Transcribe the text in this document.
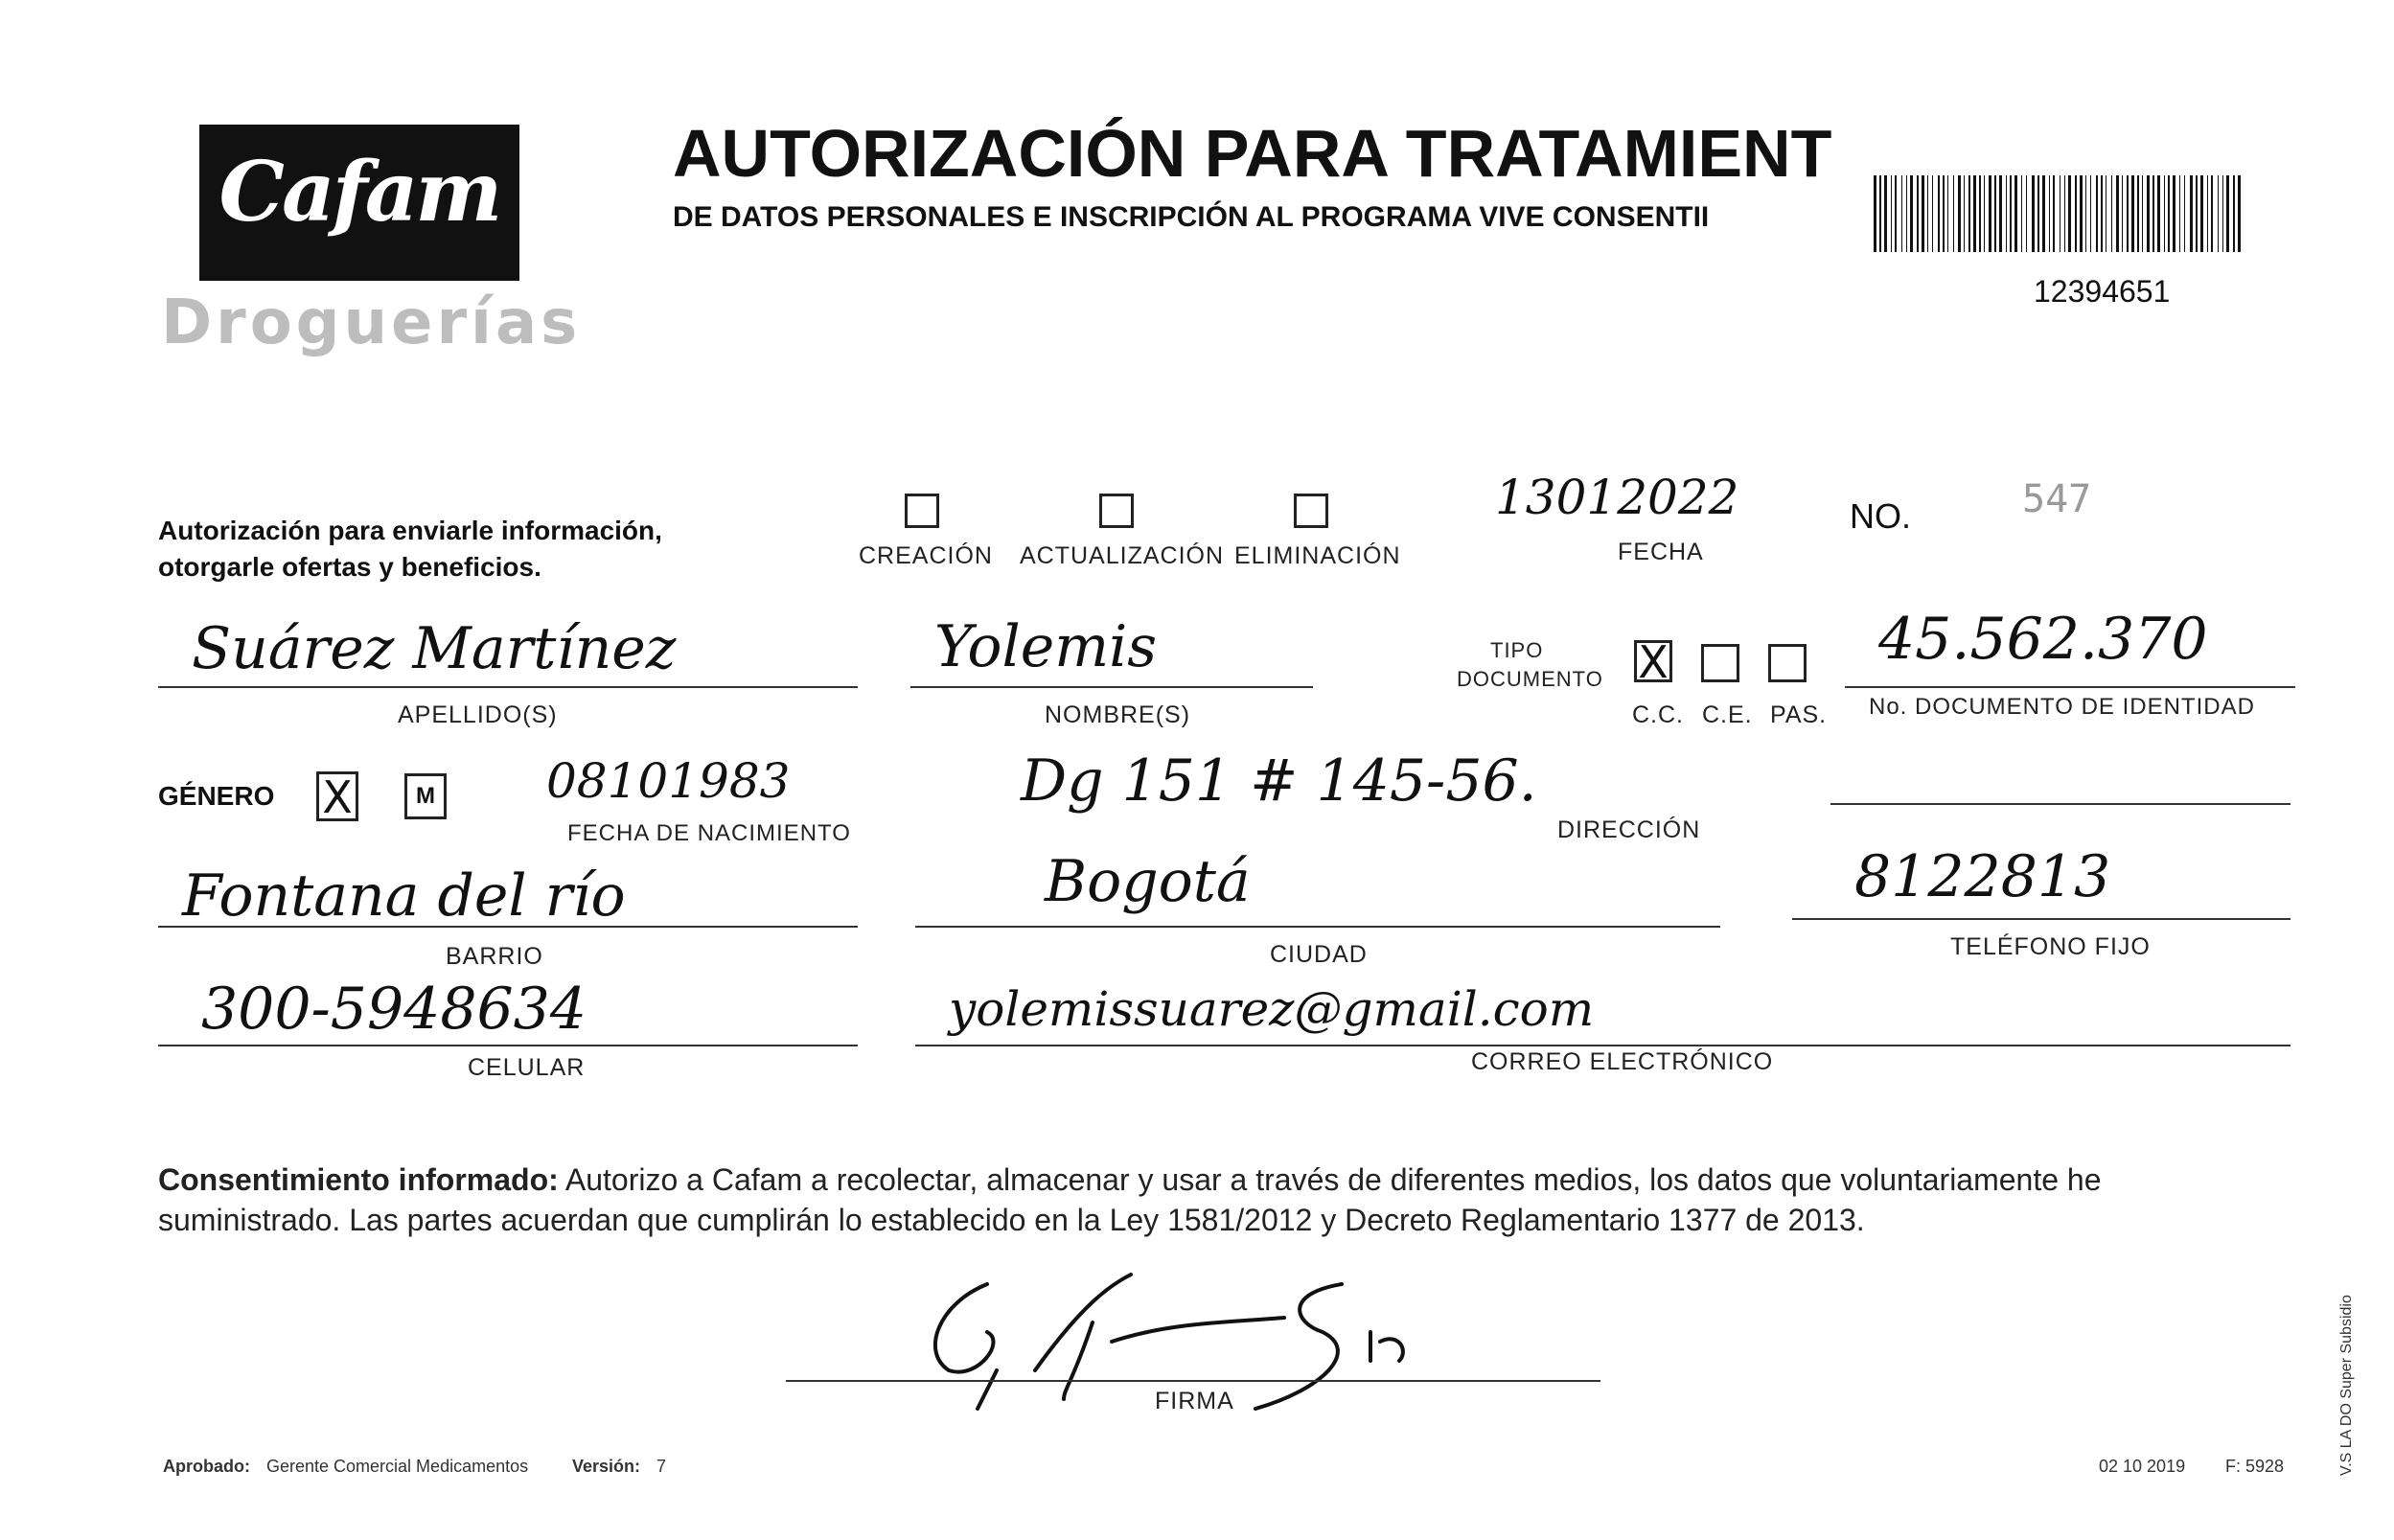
Cafam
Droguerías
AUTORIZACIÓN PARA TRATAMIENT
DE DATOS PERSONALES E INSCRIPCIÓN AL PROGRAMA VIVE CONSENTII
12394651
Autorización para enviarle información,
otorgarle ofertas y beneficios.	CREACIÓN ACTUALIZACIÓN ELIMINACIÓN
13012022
FECHA
NO.	547
Suárez Martínez
APELLIDO(S)
Yolemis
NOMBRE(S)
TIPO
DOCUMENTO X
C.C. C.E. PAS.
45.562.370
No. DOCUMENTO DE IDENTIDAD
GÉNERO X	M 08101983
FECHA DE NACIMIENTO
Dg 151 # 145-56.
DIRECCIÓN
Fontana del río
BARRIO
Bogotá
CIUDAD
8122813
TELÉFONO FIJO
300-5948634
CELULAR
yolemissuarez@gmail.com
CORREO ELECTRÓNICO
Consentimiento informado: Autorizo a Cafam a recolectar, almacenar y usar a través de diferentes medios, los datos que voluntariamente he suministrado. Las partes acuerdan que cumplirán lo establecido en la Ley 1581/2012 y Decreto Reglamentario 1377 de 2013.
FIRMA
Aprobado: Gerente Comercial Medicamentos	Versión: 7	02 10 2019 F: 5928	V.S LA DO Super Subsidio
